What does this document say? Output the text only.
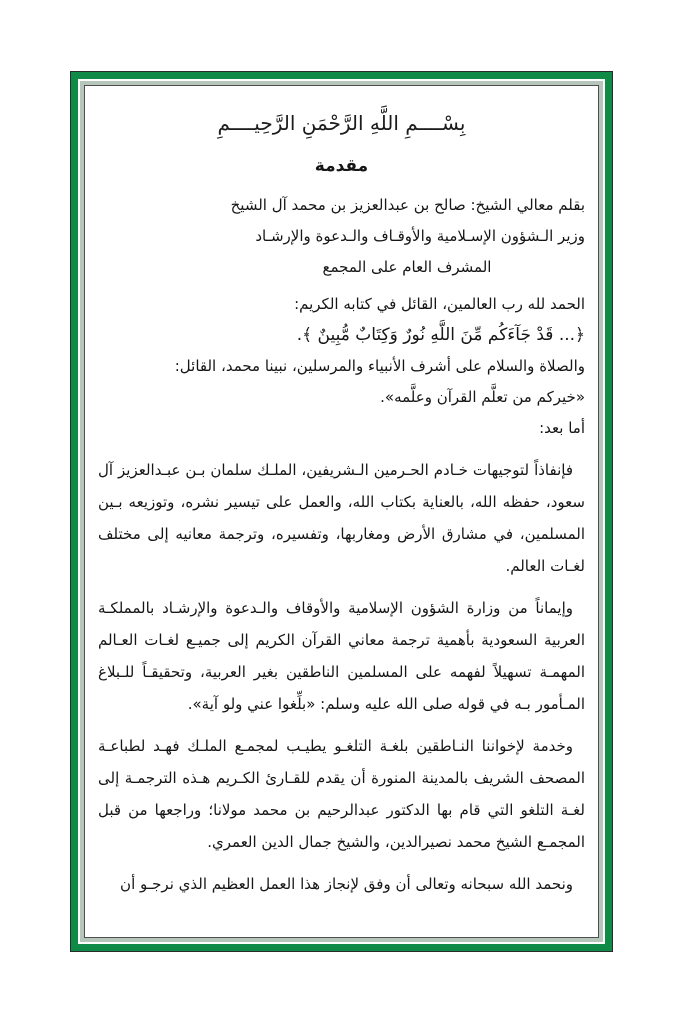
بِسْــــمِ اللَّهِ الرَّحْمَنِ الرَّحِيــــمِ
مقدمة
بقلم معالي الشيخ: صالح بن عبدالعزيز بن محمد آل الشيخ
وزير الـشؤون الإسـلامية والأوقـاف والـدعوة والإرشـاد
المشرف العام على المجمع
الحمد لله رب العالمين، القائل في كتابه الكريم:
﴿... قَدْ جَآءَكُم مِّنَ اللَّهِ نُورٌ وَكِتَابٌ مُّبِينٌ ﴾.
والصلاة والسلام على أشرف الأنبياء والمرسلين، نبينا محمد، القائل:
«خيركم من تعلَّم القرآن وعلَّمه».
أما بعد:

فإنفاذاً لتوجيهات خـادم الحـرمين الـشريفين، الملـك سلمان بـن عبـدالعزيز آل سعود، حفظه الله، بالعناية بكتاب الله، والعمل على تيسير نشره، وتوزيعه بـين المسلمين، في مشارق الأرض ومغاربها، وتفسيره، وترجمة معانيه إلى مختلف لغـات العالم.

وإيماناً من وزارة الشؤون الإسلامية والأوقاف والـدعوة والإرشـاد بالمملكـة العربية السعودية بأهمية ترجمة معاني القرآن الكريم إلى جميـع لغـات العـالم المهمـة تسهيلاً لفهمه على المسلمين الناطقين بغير العربية، وتحقيقـاً للـبلاغ المـأمور بـه في قوله صلى الله عليه وسلم: «بلِّغوا عني ولو آية».

وخدمة لإخواننا النـاطقين بلغـة التلغـو يطيـب لمجمـع الملـك فهـد لطباعـة المصحف الشريف بالمدينة المنورة أن يقدم للقـارئ الكـريم هـذه الترجمـة إلى لغـة التلغو التي قام بها الدكتور عبدالرحيم بن محمد مولانا؛ وراجعها من قبل المجمـع الشيخ محمد نصيرالدين، والشيخ جمال الدين العمري.

ونحمد الله سبحانه وتعالى أن وفق لإنجاز هذا العمل العظيم الذي نرجـو أن
